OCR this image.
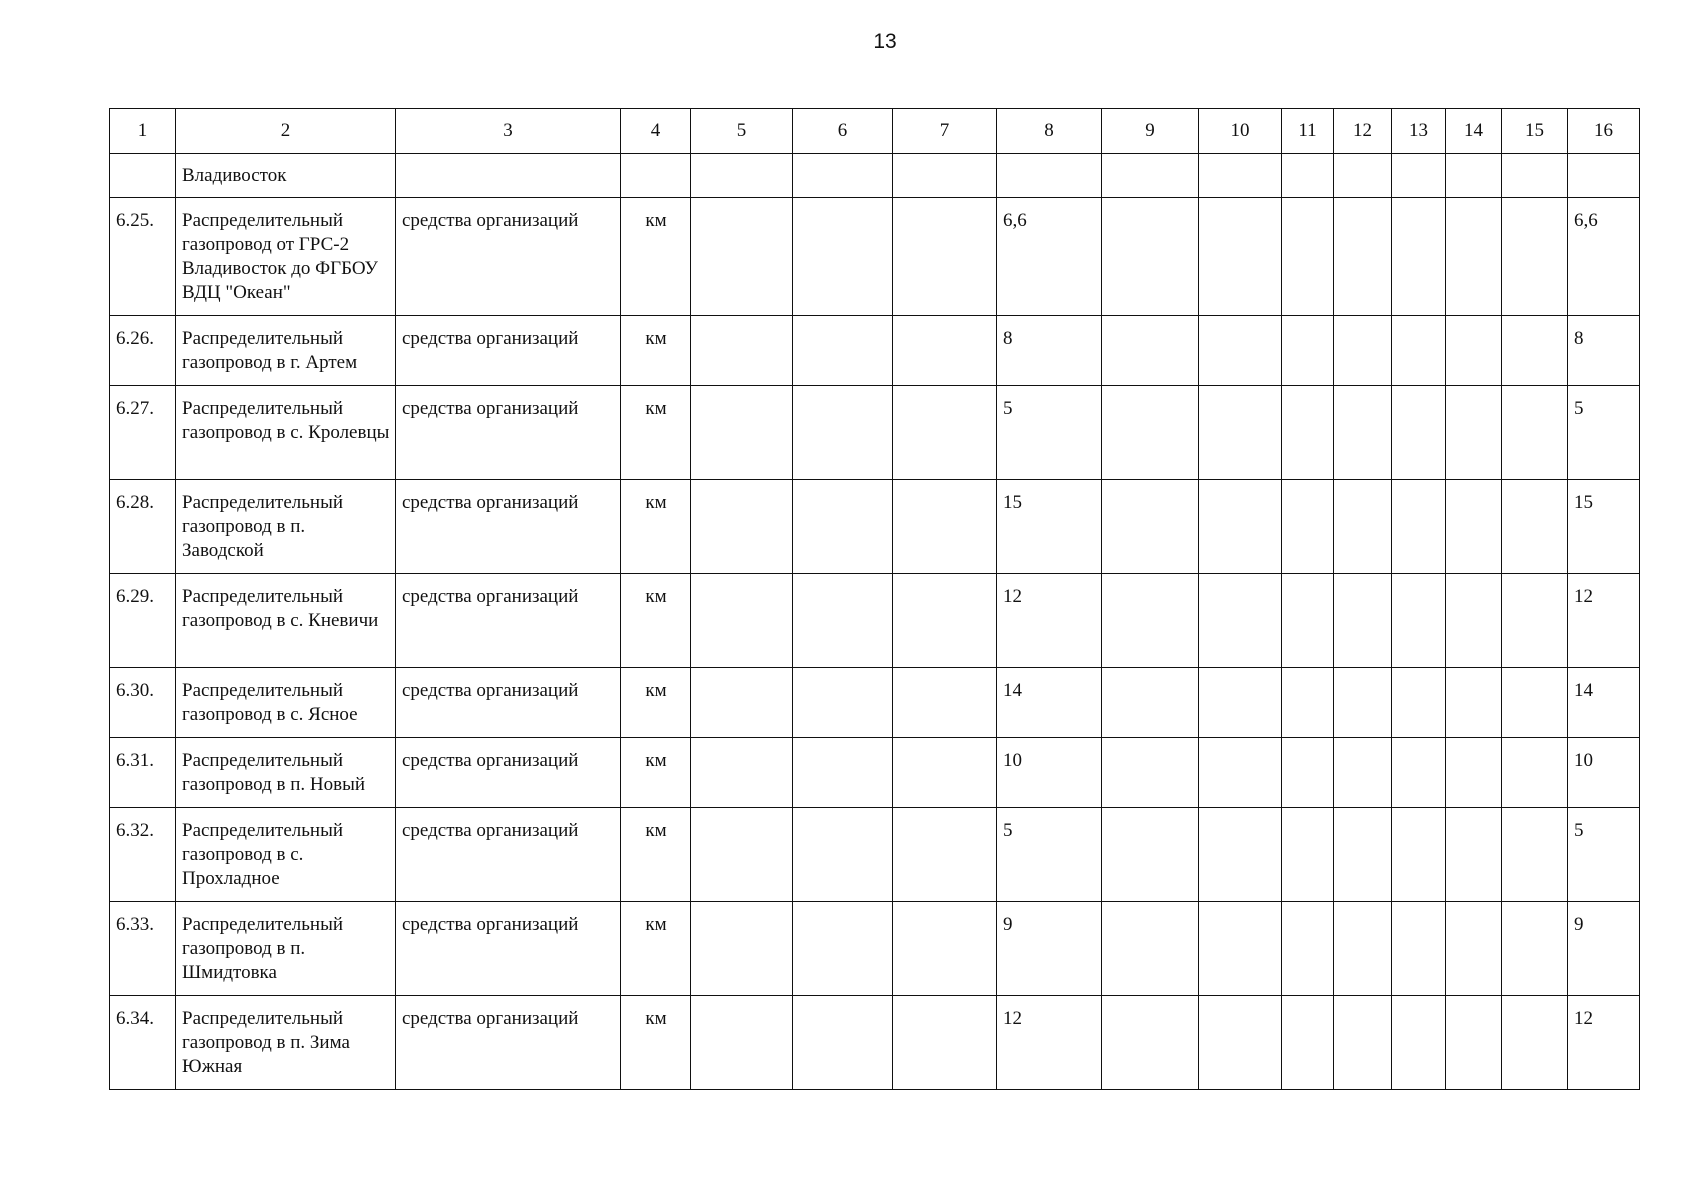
13
1	2	3	4	5	6	7	8	9	10	11	12	13	14	15	16
	Владивосток														
6.25.	Распределительный газопровод от ГРС-2 Владивосток до ФГБОУ ВДЦ "Океан"	средства организаций	км				6,6								6,6
6.26.	Распределительный газопровод в г. Артем	средства организаций	км				8								8
6.27.	Распределительный газопровод в с. Кролевцы	средства организаций	км				5								5
6.28.	Распределительный газопровод в п. Заводской	средства организаций	км				15								15
6.29.	Распределительный газопровод в с. Кневичи	средства организаций	км				12								12
6.30.	Распределительный газопровод в с. Ясное	средства организаций	км				14								14
6.31.	Распределительный газопровод в п. Новый	средства организаций	км				10								10
6.32.	Распределительный газопровод в с. Прохладное	средства организаций	км				5								5
6.33.	Распределительный газопровод в п. Шмидтовка	средства организаций	км				9								9
6.34.	Распределительный газопровод в п. Зима Южная	средства организаций	км				12								12
